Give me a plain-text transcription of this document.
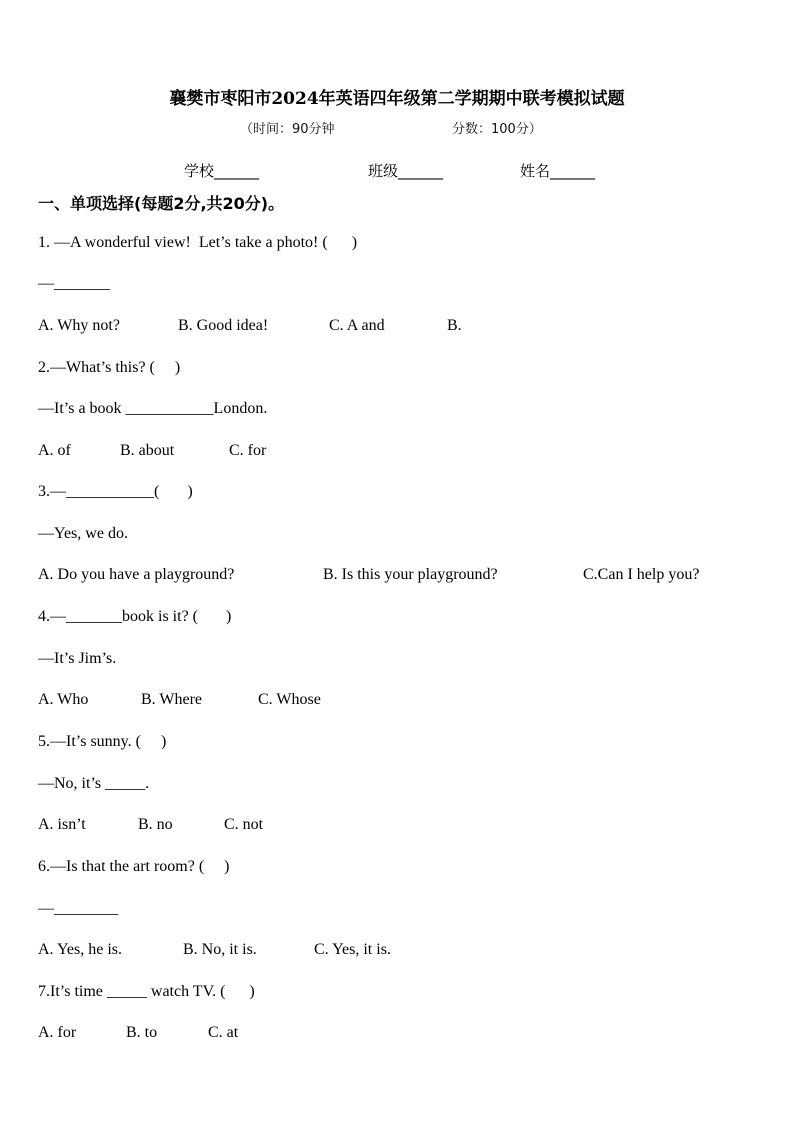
襄樊市枣阳市2024年英语四年级第二学期期中联考模拟试题
（时间：90分钟	分数：100分）
学校______	班级______	姓名______
一、单项选择(每题2分,共20分)。
1. —A wonderful view!  Let’s take a photo! (      )
—_______
A. Why not?	B. Good idea!	C. A and	B.
2.—What’s this? (     )
—It’s a book ___________London.
A. of	B. about	C. for
3.—___________(       )
—Yes, we do.
A. Do you have a playground?	B. Is this your playground?	C.Can I help you?
4.—_______book is it? (       )
—It’s Jim’s.
A. Who	B. Where	C. Whose
5.—It’s sunny. (     )
—No, it’s _____.
A. isn’t	B. no	C. not
6.—Is that the art room? (     )
—________
A. Yes, he is.	B. No, it is.	C. Yes, it is.
7.It’s time _____ watch TV. (      )
A. for	B. to	C. at
